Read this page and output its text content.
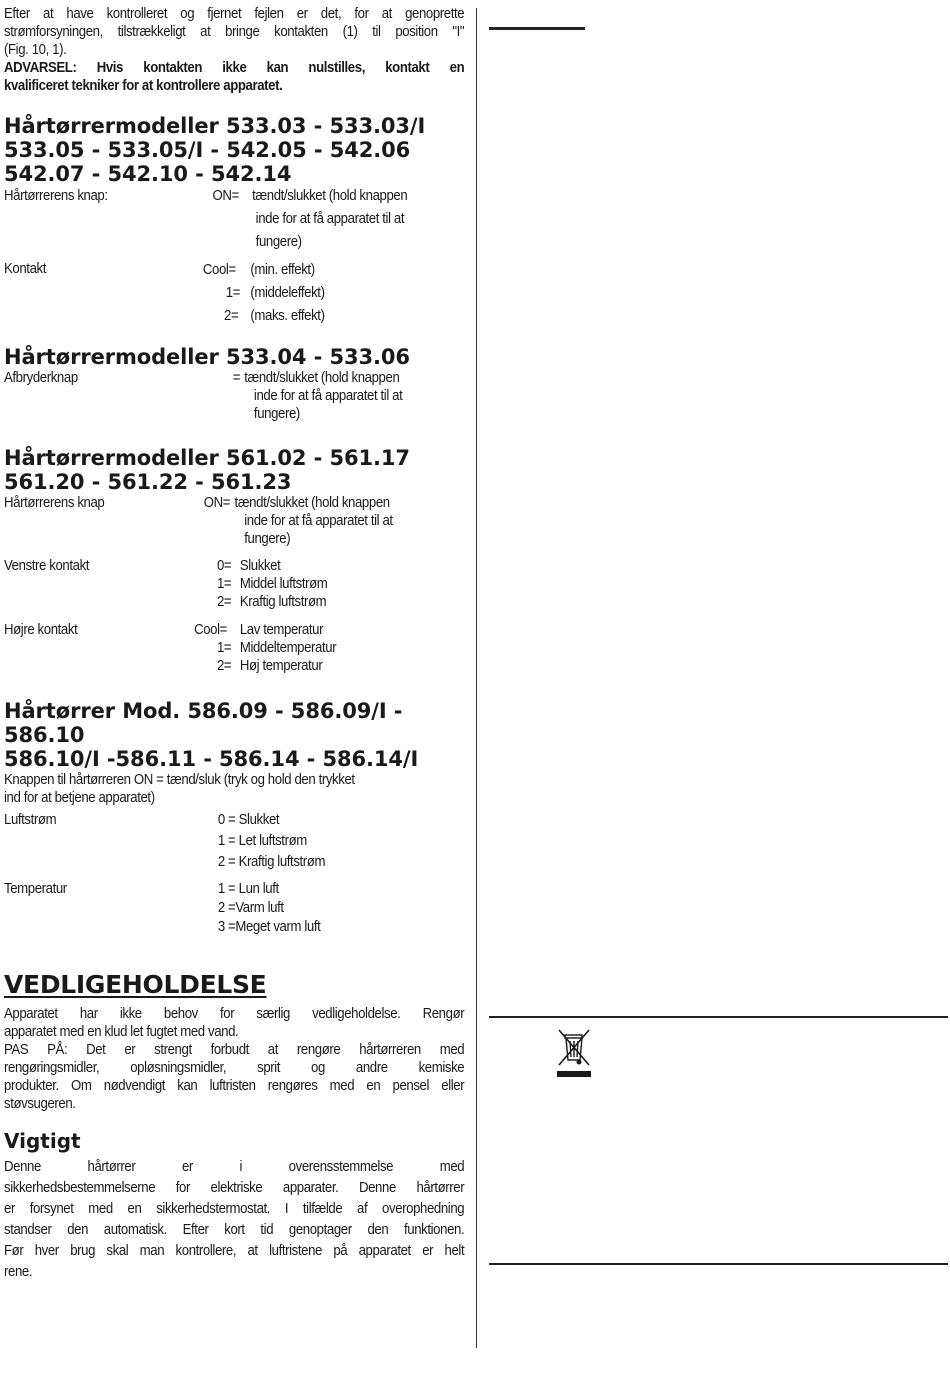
Efter at have kontrolleret og fjernet fejlen er det, for at genoprette

strømforsyningen, tilstrækkeligt at bringe kontakten (1) til position "I"

(Fig. 10, 1).

ADVARSEL: Hvis kontakten ikke kan nulstilles, kontakt en

kvalificeret tekniker for at kontrollere apparatet.

Hårtørrermodeller 533.03 - 533.03/I
533.05 - 533.05/I - 542.05 - 542.06
542.07 - 542.10 - 542.14
Hårtørrerens knap:	ON= tændt/slukket (hold knappen
inde for at få apparatet til at
fungere)
Kontakt	Cool= (min. effekt)
1= (middeleffekt)
2= (maks. effekt)
Hårtørrermodeller 533.04 - 533.06
Afbryderknap	= tændt/slukket (hold knappen
inde for at få apparatet til at
fungere)
Hårtørrermodeller 561.02 - 561.17
561.20 - 561.22 - 561.23
Hårtørrerens knap	ON= tændt/slukket (hold knappen
inde for at få apparatet til at
fungere)
Venstre kontakt	0= Slukket
1= Middel luftstrøm
2= Kraftig luftstrøm
Højre kontakt	Cool= Lav temperatur
1= Middeltemperatur
2= Høj temperatur
Hårtørrer Mod. 586.09 - 586.09/I - 586.10
586.10/I -586.11 - 586.14 - 586.14/I
Knappen til hårtørreren ON = tænd/sluk (tryk og hold den trykket
ind for at betjene apparatet)
Luftstrøm	0 = Slukket
1 = Let luftstrøm
2 = Kraftig luftstrøm
Temperatur	1 = Lun luft
2 =Varm luft
3 =Meget varm luft
VEDLIGEHOLDELSE

Apparatet har ikke behov for særlig vedligeholdelse. Rengør

apparatet med en klud let fugtet med vand.

PAS PÅ: Det er strengt forbudt at rengøre hårtørreren med

rengøringsmidler, opløsningsmidler, sprit og andre kemiske

produkter. Om nødvendigt kan luftristen rengøres med en pensel eller

støvsugeren.

Vigtigt

Denne hårtørrer er i overensstemmelse med

sikkerhedsbestemmelserne for elektriske apparater. Denne hårtørrer

er forsynet med en sikkerhedstermostat. I tilfælde af overophedning

standser den automatisk. Efter kort tid genoptager den funktionen.

Før hver brug skal man kontrollere, at luftristene på apparatet er helt

rene.
